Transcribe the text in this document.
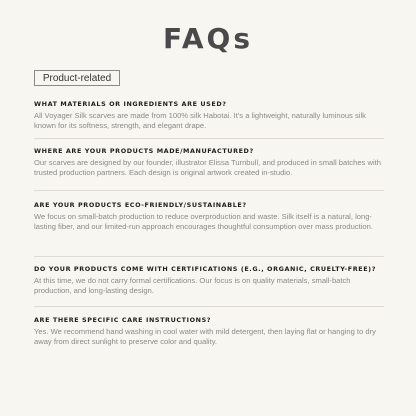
FAQs
Product-related

WHAT MATERIALS OR INGREDIENTS ARE USED?

All Voyager Silk scarves are made from 100% silk Habotai. It's a lightweight, naturally luminous silk known for its softness, strength, and elegant drape.

WHERE ARE YOUR PRODUCTS MADE/MANUFACTURED?

Our scarves are designed by our founder, illustrator Elissa Turnbull, and produced in small batches with trusted production partners. Each design is original artwork created in-studio.

ARE YOUR PRODUCTS ECO-FRIENDLY/SUSTAINABLE?

We focus on small-batch production to reduce overproduction and waste. Silk itself is a natural, long-lasting fiber, and our limited-run approach encourages thoughtful consumption over mass production.

DO YOUR PRODUCTS COME WITH CERTIFICATIONS (E.G., ORGANIC, CRUELTY-FREE)?

At this time, we do not carry formal certifications. Our focus is on quality materials, small-batch production, and long-lasting design.

ARE THERE SPECIFIC CARE INSTRUCTIONS?

Yes. We recommend hand washing in cool water with mild detergent, then laying flat or hanging to dry away from direct sunlight to preserve color and quality.
